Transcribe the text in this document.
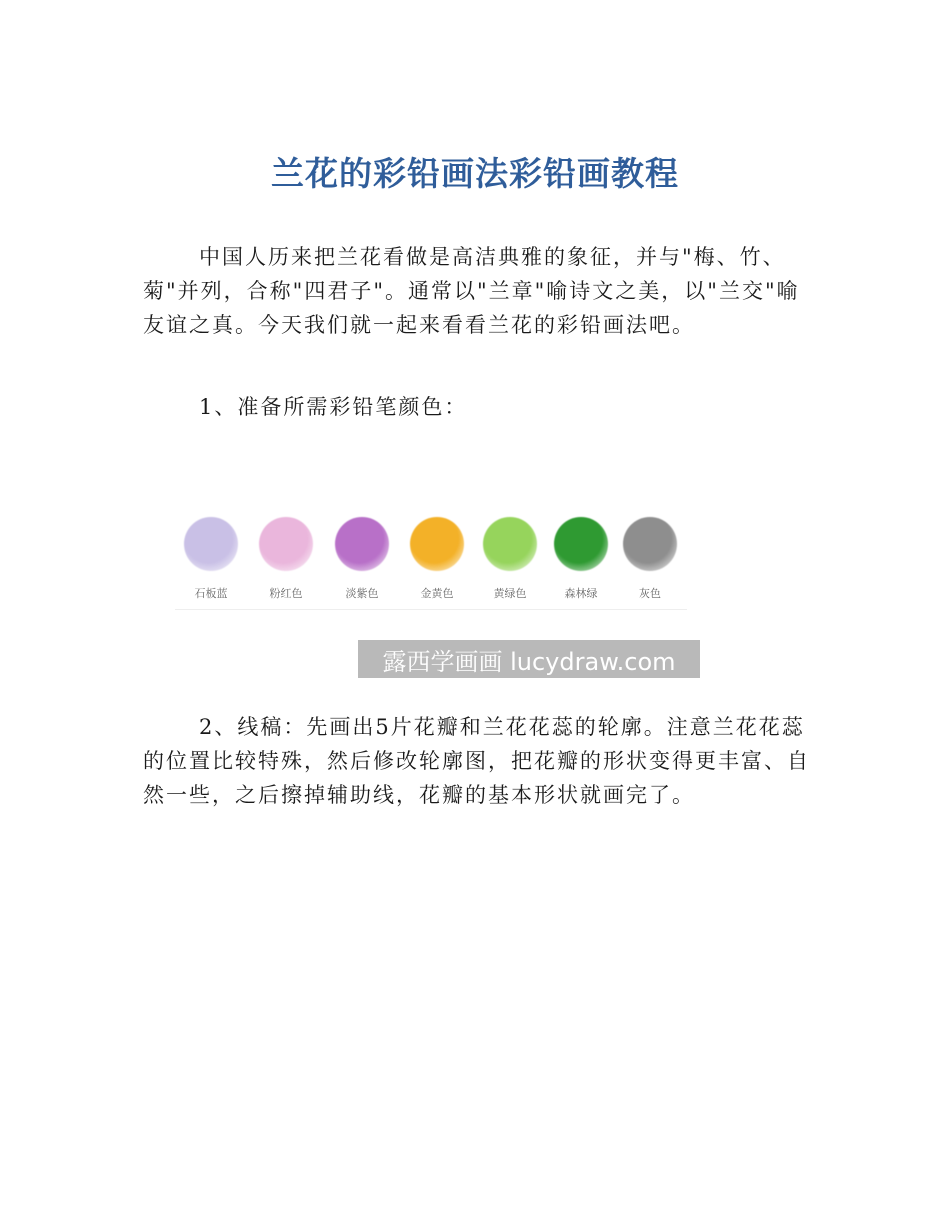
兰花的彩铅画法彩铅画教程

中国人历来把兰花看做是高洁典雅的象征，并与"梅、竹、菊"并列，合称"四君子"。通常以"兰章"喻诗文之美，以"兰交"喻友谊之真。今天我们就一起来看看兰花的彩铅画法吧。

1、准备所需彩铅笔颜色：

石板蓝	粉红色	淡紫色	金黄色	黄绿色	森林绿	灰色
露西学画画 lucydraw.com

2、线稿：先画出5片花瓣和兰花花蕊的轮廓。注意兰花花蕊的位置比较特殊，然后修改轮廓图，把花瓣的形状变得更丰富、自然一些，之后擦掉辅助线，花瓣的基本形状就画完了。
